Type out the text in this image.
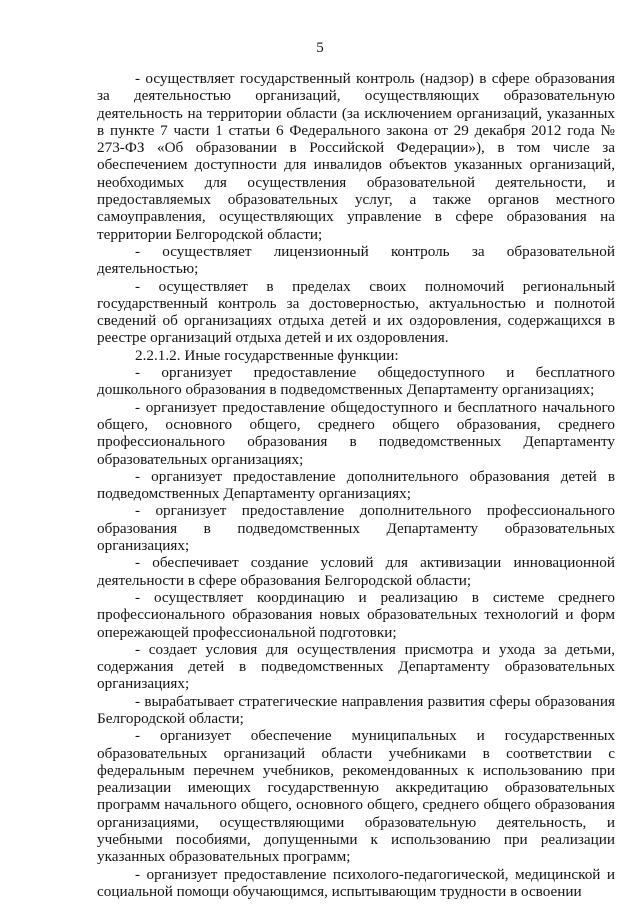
5

- осуществляет государственный контроль (надзор) в сфере образования за деятельностью организаций, осуществляющих образовательную деятельность на территории области (за исключением организаций, указанных в пункте 7 части 1 статьи 6 Федерального закона от 29 декабря 2012 года № 273-ФЗ «Об образовании в Российской Федерации»), в том числе за обеспечением доступности для инвалидов объектов указанных организаций, необходимых для осуществления образовательной деятельности, и предоставляемых образовательных услуг, а также органов местного самоуправления, осуществляющих управление в сфере образования на территории Белгородской области;

- осуществляет лицензионный контроль за образовательной деятельностью;

- осуществляет в пределах своих полномочий региональный государственный контроль за достоверностью, актуальностью и полнотой сведений об организациях отдыха детей и их оздоровления, содержащихся в реестре организаций отдыха детей и их оздоровления.

2.2.1.2. Иные государственные функции:

- организует предоставление общедоступного и бесплатного дошкольного образования в подведомственных Департаменту организациях;

- организует предоставление общедоступного и бесплатного начального общего, основного общего, среднего общего образования, среднего профессионального образования в подведомственных Департаменту образовательных организациях;

- организует предоставление дополнительного образования детей в подведомственных Департаменту организациях;

- организует предоставление дополнительного профессионального образования в подведомственных Департаменту образовательных организациях;

- обеспечивает создание условий для активизации инновационной деятельности в сфере образования Белгородской области;

- осуществляет координацию и реализацию в системе среднего профессионального образования новых образовательных технологий и форм опережающей профессиональной подготовки;

- создает условия для осуществления присмотра и ухода за детьми, содержания детей в подведомственных Департаменту образовательных организациях;

- вырабатывает стратегические направления развития сферы образования Белгородской области;

- организует обеспечение муниципальных и государственных образовательных организаций области учебниками в соответствии с федеральным перечнем учебников, рекомендованных к использованию при реализации имеющих государственную аккредитацию образовательных программ начального общего, основного общего, среднего общего образования организациями, осуществляющими образовательную деятельность, и учебными пособиями, допущенными к использованию при реализации указанных образовательных программ;

- организует предоставление психолого-педагогической, медицинской и социальной помощи обучающимся, испытывающим трудности в освоении
